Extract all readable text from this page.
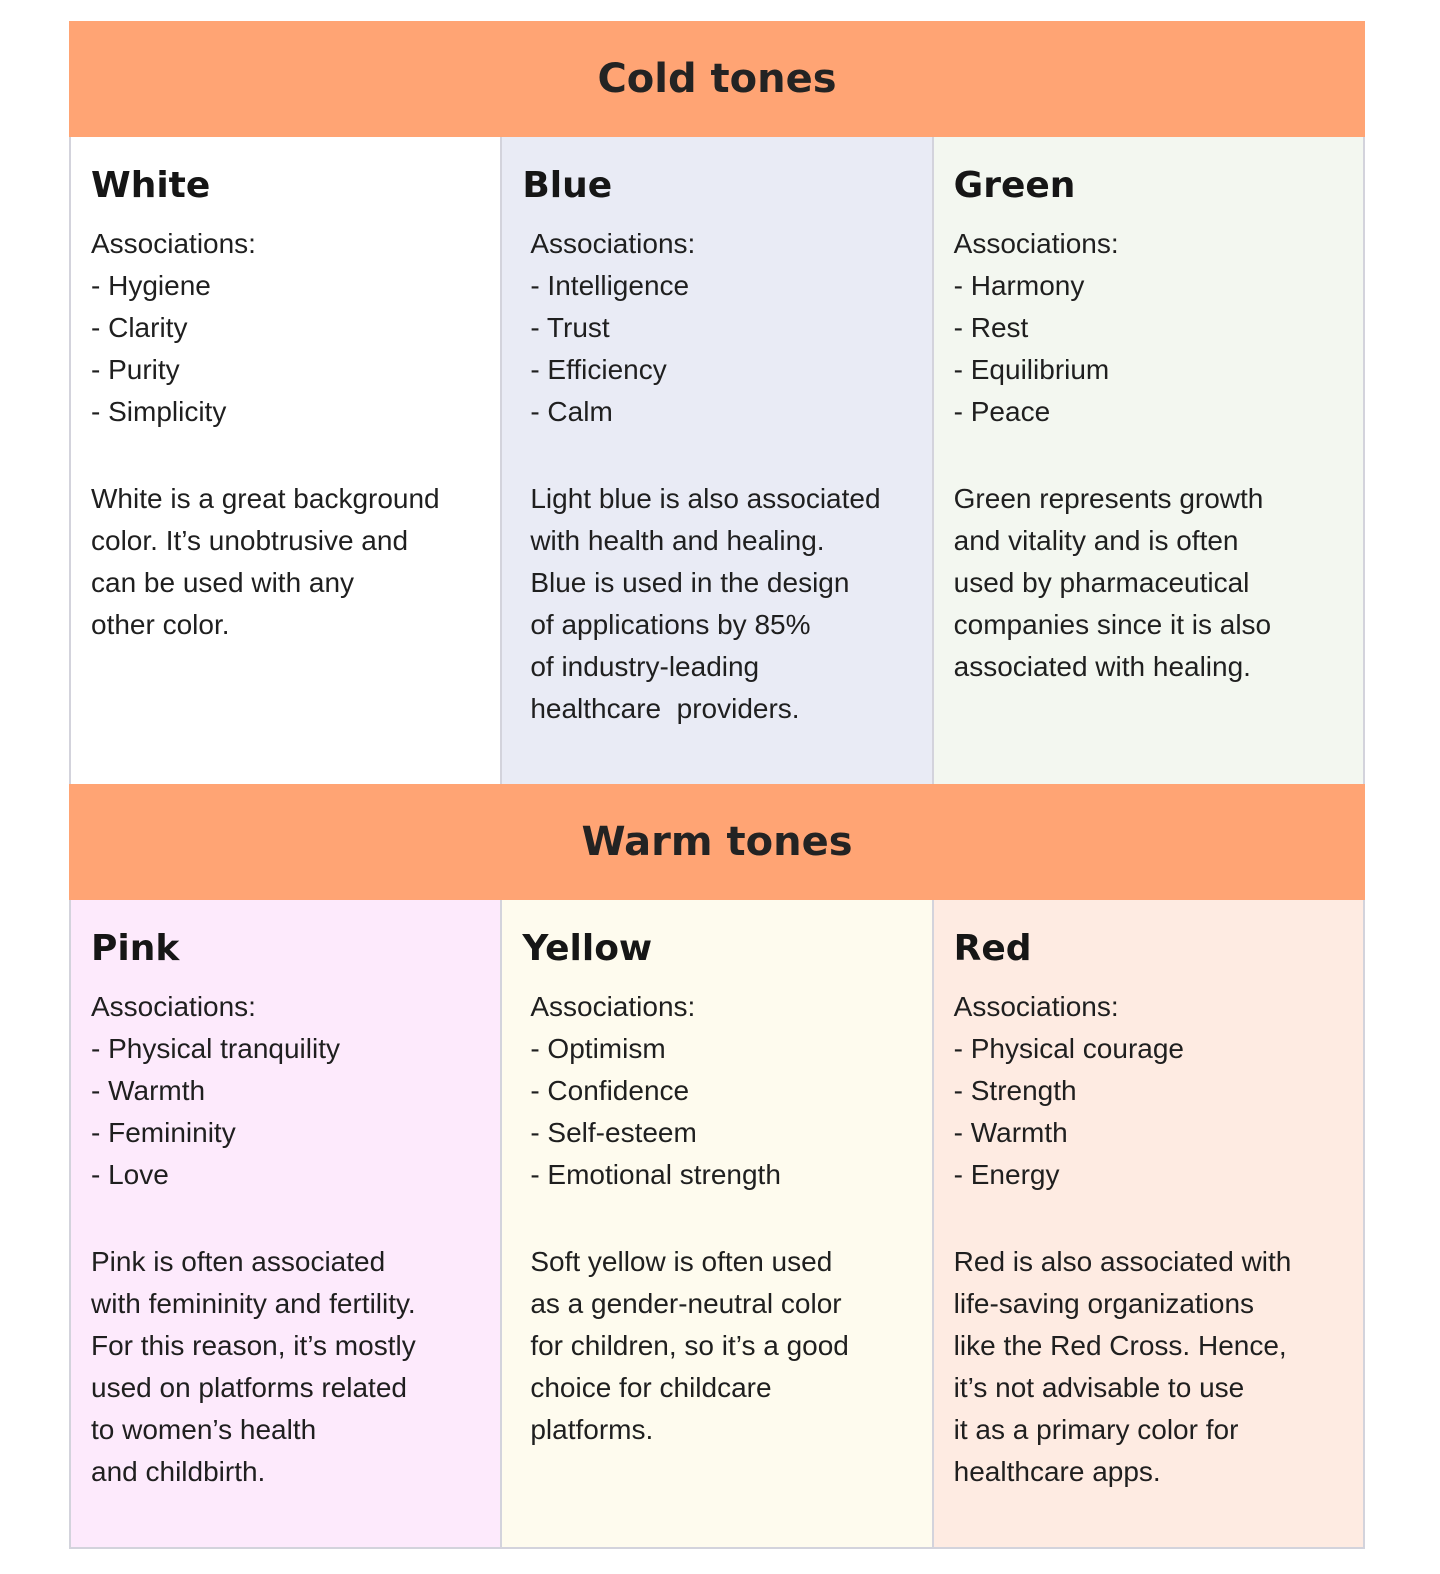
Cold tones
White
Associations:
- Hygiene
- Clarity
- Purity
- Simplicity
White is a great background
color. It’s unobtrusive and
can be used with any
other color.
Blue
Associations:
- Intelligence
- Trust
- Efficiency
- Calm
Light blue is also associated
with health and healing.
Blue is used in the design
of applications by 85%
of industry-leading
healthcare  providers.
Green
Associations:
- Harmony
- Rest
- Equilibrium
- Peace
Green represents growth
and vitality and is often
used by pharmaceutical
companies since it is also
associated with healing.
Warm tones
Pink
Associations:
- Physical tranquility
- Warmth
- Femininity
- Love
Pink is often associated
with femininity and fertility.
For this reason, it’s mostly
used on platforms related
to women’s health
and childbirth.
Yellow
Associations:
- Optimism
- Confidence
- Self-esteem
- Emotional strength
Soft yellow is often used
as a gender-neutral color
for children, so it’s a good
choice for childcare
platforms.
Red
Associations:
- Physical courage
- Strength
- Warmth
- Energy
Red is also associated with
life-saving organizations
like the Red Cross. Hence,
it’s not advisable to use
it as a primary color for
healthcare apps.
